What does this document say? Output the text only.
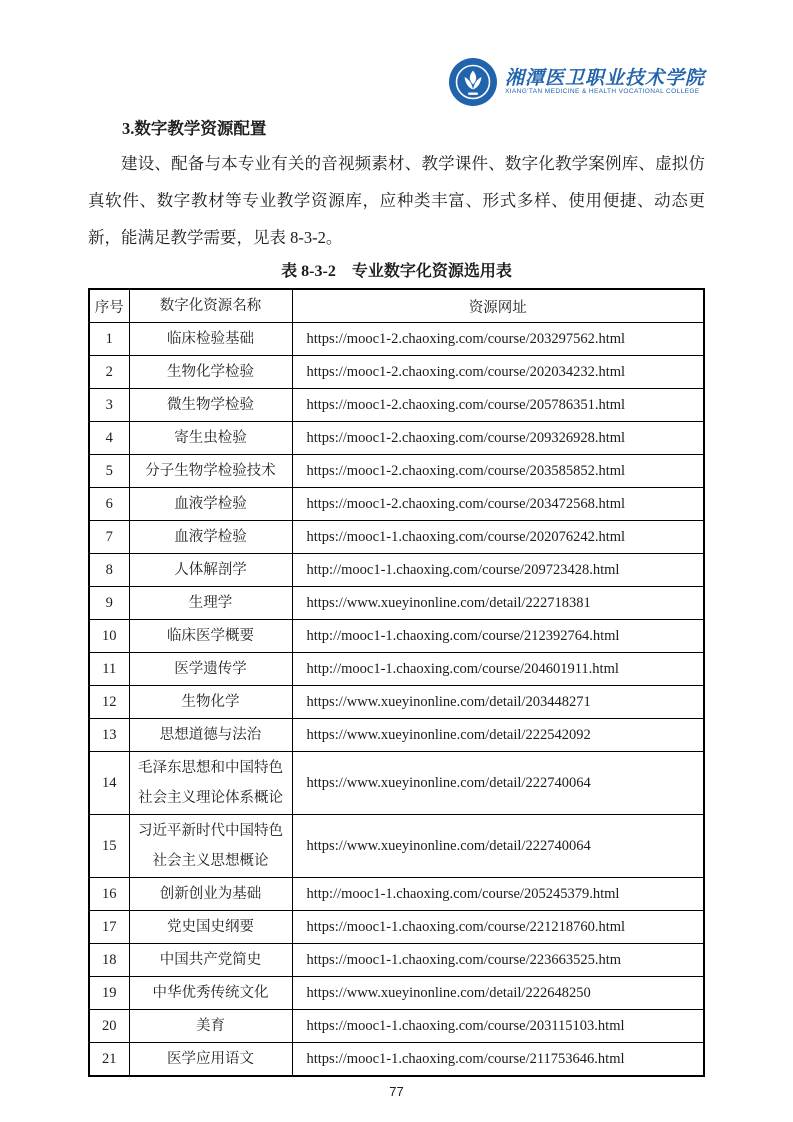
湘潭医卫职业技术学院
XIANG'TAN MEDICINE & HEALTH VOCATIONAL COLLEGE
3.数字教学资源配置
建设、配备与本专业有关的音视频素材、教学课件、数字化教学案例库、虚拟仿真软件、数字教材等专业教学资源库，应种类丰富、形式多样、使用便捷、动态更新，能满足教学需要，见表 8-3-2。
表 8-3-2　专业数字化资源选用表
序号	数字化资源名称	资源网址
1	临床检验基础	https://mooc1-2.chaoxing.com/course/203297562.html
2	生物化学检验	https://mooc1-2.chaoxing.com/course/202034232.html
3	微生物学检验	https://mooc1-2.chaoxing.com/course/205786351.html
4	寄生虫检验	https://mooc1-2.chaoxing.com/course/209326928.html
5	分子生物学检验技术	https://mooc1-2.chaoxing.com/course/203585852.html
6	血液学检验	https://mooc1-2.chaoxing.com/course/203472568.html
7	血液学检验	https://mooc1-1.chaoxing.com/course/202076242.html
8	人体解剖学	http://mooc1-1.chaoxing.com/course/209723428.html
9	生理学	https://www.xueyinonline.com/detail/222718381
10	临床医学概要	http://mooc1-1.chaoxing.com/course/212392764.html
11	医学遗传学	http://mooc1-1.chaoxing.com/course/204601911.html
12	生物化学	https://www.xueyinonline.com/detail/203448271
13	思想道德与法治	https://www.xueyinonline.com/detail/222542092
14	毛泽东思想和中国特色社会主义理论体系概论	https://www.xueyinonline.com/detail/222740064
15	习近平新时代中国特色社会主义思想概论	https://www.xueyinonline.com/detail/222740064
16	创新创业为基础	http://mooc1-1.chaoxing.com/course/205245379.html
17	党史国史纲要	https://mooc1-1.chaoxing.com/course/221218760.html
18	中国共产党简史	https://mooc1-1.chaoxing.com/course/223663525.htm
19	中华优秀传统文化	https://www.xueyinonline.com/detail/222648250
20	美育	https://mooc1-1.chaoxing.com/course/203115103.html
21	医学应用语文	https://mooc1-1.chaoxing.com/course/211753646.html
77
